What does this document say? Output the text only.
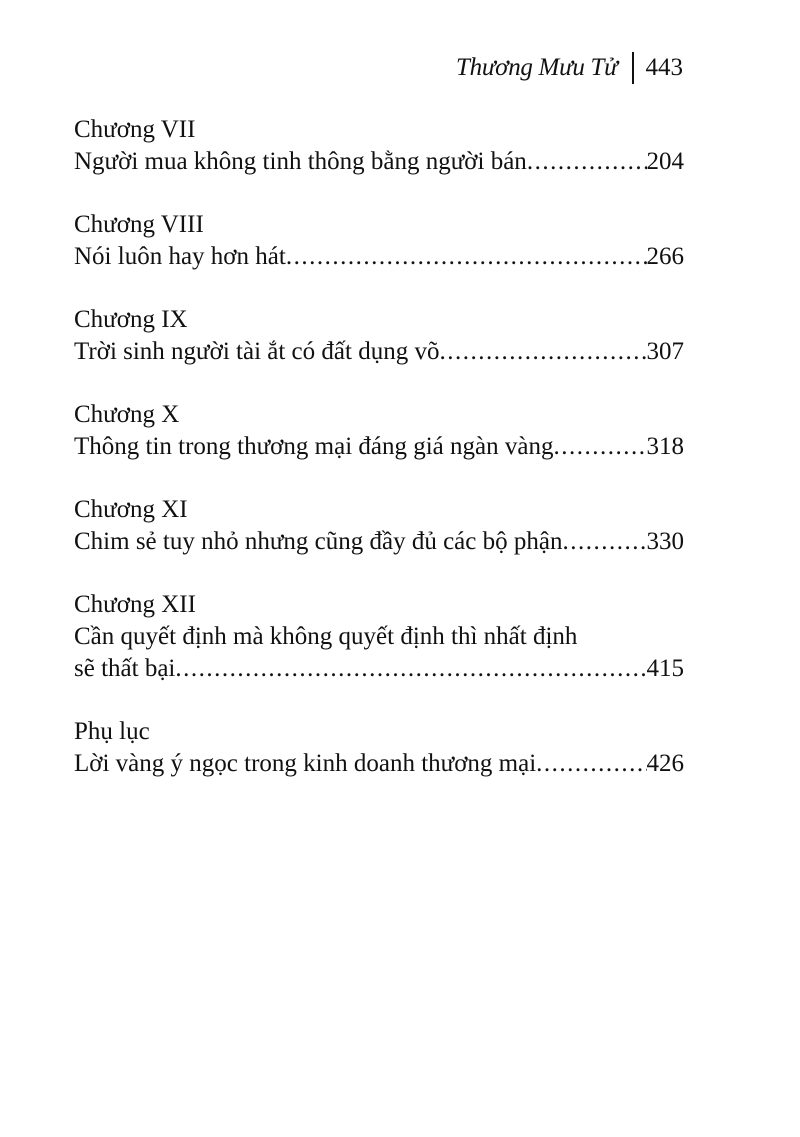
Thương Mưu Tử 443
Chương VII
Người mua không tinh thông bằng người bán .....	204
Chương VIII
Nói luôn hay hơn hát .....	266
Chương IX
Trời sinh người tài ắt có đất dụng võ .....	307
Chương X
Thông tin trong thương mại đáng giá ngàn vàng .....	318
Chương XI
Chim sẻ tuy nhỏ nhưng cũng đầy đủ các bộ phận .....	330
Chương XII
Cần quyết định mà không quyết định thì nhất định
sẽ thất bại .....	415
Phụ lục
Lời vàng ý ngọc trong kinh doanh thương mại .....	426
